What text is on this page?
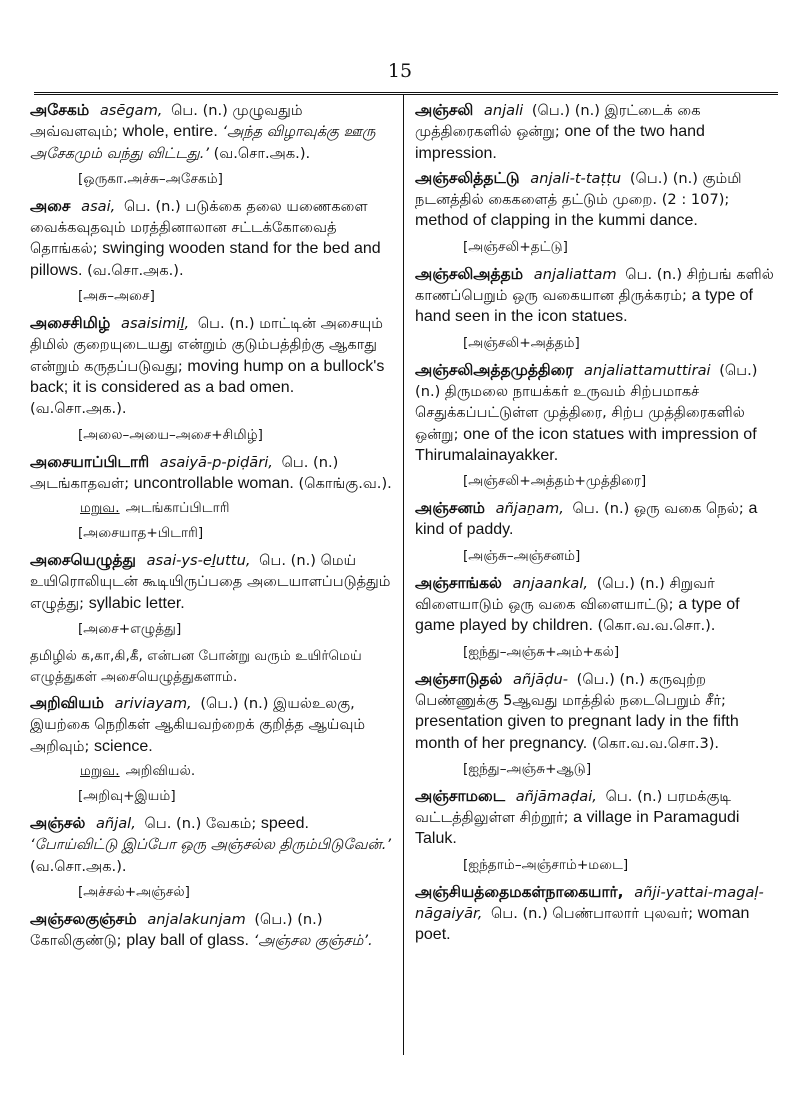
15
அசேகம் asēgam, பெ. (n.) முழுவதும் அவ்வளவும்; whole, entire. ‘அந்த விழாவுக்கு ஊரு அசேகமும் வந்து விட்டது.’ (வ.சொ.அக.).
[ஒருகா.அச்சு–அசேகம்]
அசை asai, பெ. (n.) படுக்கை தலை யணைகளை வைக்கவுதவும் மரத்தினாலான சட்டக்கோவைத் தொங்கல்; swinging wooden stand for the bed and pillows. (வ.சொ.அக.).
[அசு–அசை]
அசைசிமிழ் asaisimiḻ, பெ. (n.) மாட்டின் அசையும் திமில் குறையுடையது என்றும் குடும்பத்திற்கு ஆகாது என்றும் கருதப்படுவது; moving hump on a bullock's back; it is considered as a bad omen. (வ.சொ.அக.).
[அலை–அயை–அசை+சிமிழ்]
அசையாப்பிடாரி asaiyā-p-piḍāri, பெ. (n.) அடங்காதவள்; uncontrollable woman. (கொங்கு.வ.).
மறுவ. அடங்காப்பிடாரி
[அசையாத+பிடாரி]
அசையெழுத்து asai-ys-eḻuttu, பெ. (n.) மெய் உயிரொலியுடன் கூடியிருப்பதை அடையாளப்படுத்தும் எழுத்து; syllabic letter.
[அசை+எழுத்து]
தமிழில் க,கா,கி,கீ, என்பன போன்று வரும் உயிர்மெய் எழுத்துகள் அசையெழுத்துகளாம்.
அறிவியம் ariviayam, (பெ.) (n.) இயல்உலகு, இயற்கை நெறிகள் ஆகியவற்றைக் குறித்த ஆய்வும் அறிவும்; science.
மறுவ. அறிவியல்.
[அறிவு+இயம்]
அஞ்சல் añjal, பெ. (n.) வேகம்; speed. ‘போய்விட்டு இப்போ ஒரு அஞ்சல்ல திரும்பிடுவேன்.’ (வ.சொ.அக.).
[அச்சல்+அஞ்சல்]
அஞ்சலகுஞ்சம் anjalakunjam (பெ.) (n.) கோலிகுண்டு; play ball of glass. ‘அஞ்சல குஞ்சம்’.
அஞ்சலி anjali (பெ.) (n.) இரட்டைக் கை முத்திரைகளில் ஒன்று; one of the two hand impression.
அஞ்சலித்தட்டு anjali-t-taṭṭu (பெ.) (n.) கும்மி நடனத்தில் கைகளைத் தட்டும் முறை. (2 : 107); method of clapping in the kummi dance.
[அஞ்சலி+தட்டு]
அஞ்சலிஅத்தம் anjaliattam பெ. (n.) சிற்பங் களில் காணப்பெறும் ஒரு வகையான திருக்கரம்; a type of hand seen in the icon statues.
[அஞ்சலி+அத்தம்]
அஞ்சலிஅத்தமுத்திரை anjaliattamuttirai (பெ.) (n.) திருமலை நாயக்கர் உருவம் சிற்பமாகச் செதுக்கப்பட்டுள்ள முத்திரை, சிற்ப முத்திரைகளில் ஒன்று; one of the icon statues with impression of Thirumalainayakker.
[அஞ்சலி+அத்தம்+முத்திரை]
அஞ்சனம் añjaṉam, பெ. (n.) ஒரு வகை நெல்; a kind of paddy.
[அஞ்சு–அஞ்சனம்]
அஞ்சாங்கல் anjaankal, (பெ.) (n.) சிறுவர் விளையாடும் ஒரு வகை விளையாட்டு; a type of game played by children. (கொ.வ.வ.சொ.).
[ஐந்து–அஞ்சு+அம்+கல்]
அஞ்சாடுதல் añjāḍu- (பெ.) (n.) கருவுற்ற பெண்ணுக்கு 5ஆவது மாத்தில் நடைபெறும் சீர்; presentation given to pregnant lady in the fifth month of her pregnancy. (கொ.வ.வ.சொ.3).
[ஐந்து–அஞ்சு+ஆடு]
அஞ்சாமடை añjāmaḍai, பெ. (n.) பரமக்குடி வட்டத்திலுள்ள சிற்றூர்; a village in Paramagudi Taluk.
[ஐந்தாம்–அஞ்சாம்+மடை]
அஞ்சியத்தைமகள்நாகையார், añji-yattai-magaḷ-nāgaiyār, பெ. (n.) பெண்பாலார் புலவர்; woman poet.
